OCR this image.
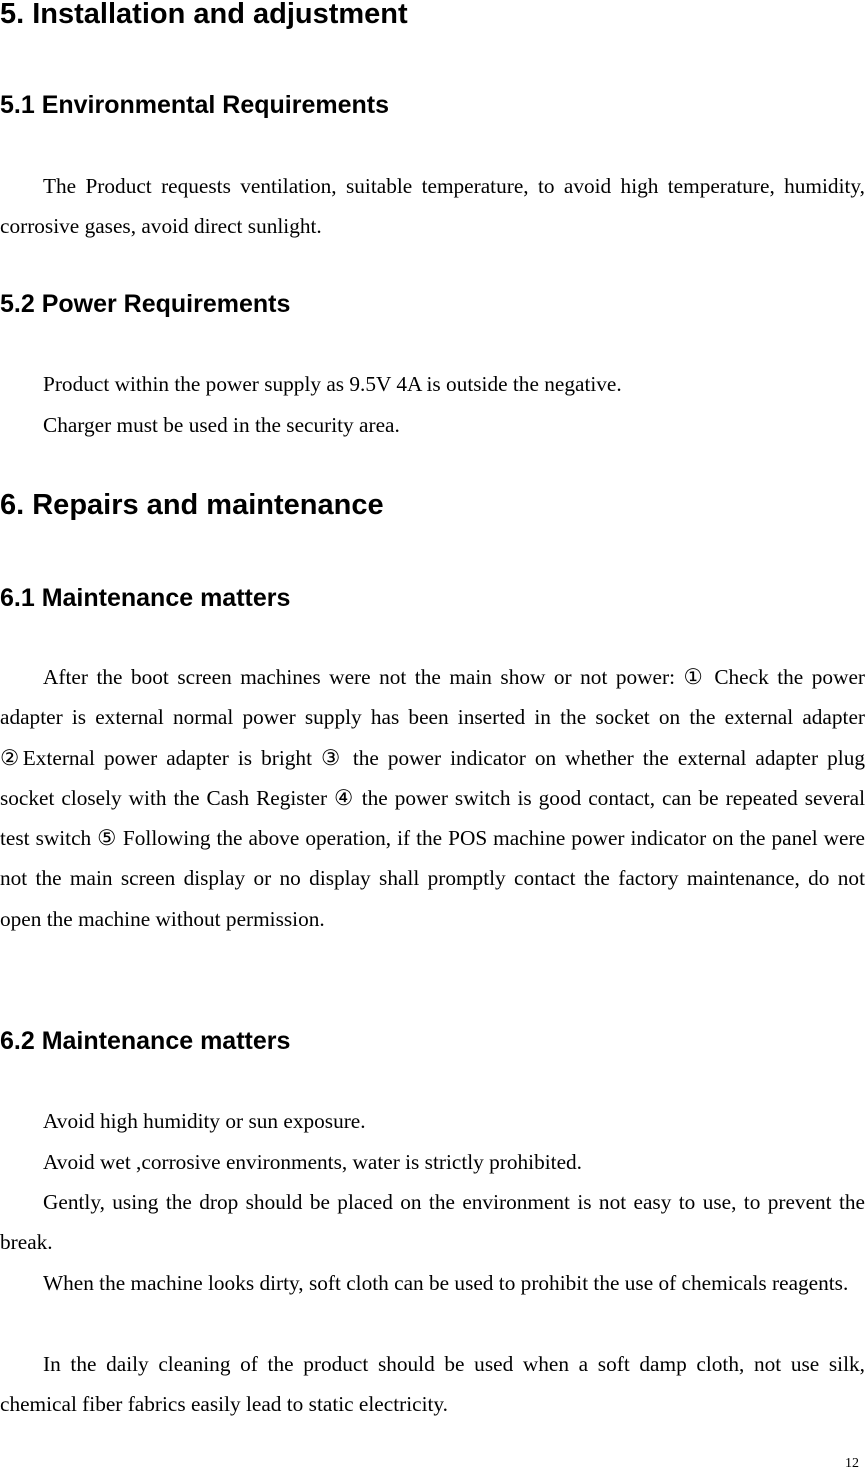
5. Installation and adjustment
5.1 Environmental Requirements

The Product requests ventilation, suitable temperature, to avoid high temperature, humidity, corrosive gases, avoid direct sunlight.

5.2 Power Requirements

Product within the power supply as 9.5V 4A is outside the negative.

Charger must be used in the security area.

6. Repairs and maintenance
6.1 Maintenance matters

After the boot screen machines were not the main show or not power: ① Check the power adapter is external normal power supply has been inserted in the socket on the external adapter ②External power adapter is bright ③ the power indicator on whether the external adapter plug socket closely with the Cash Register ④ the power switch is good contact, can be repeated several test switch ⑤ Following the above operation, if the POS machine power indicator on the panel were not the main screen display or no display shall promptly contact the factory maintenance, do not open the machine without permission.

6.2 Maintenance matters

Avoid high humidity or sun exposure.

Avoid wet ,corrosive environments, water is strictly prohibited.

Gently, using the drop should be placed on the environment is not easy to use, to prevent the break.

When the machine looks dirty, soft cloth can be used to prohibit the use of chemicals reagents.

In the daily cleaning of the product should be used when a soft damp cloth, not use silk, chemical fiber fabrics easily lead to static electricity.

12
